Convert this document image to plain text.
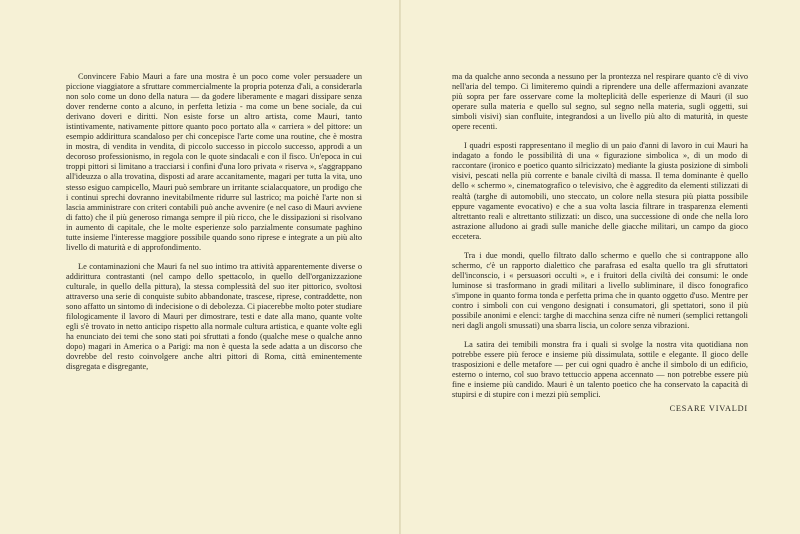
Convincere Fabio Mauri a fare una mostra è un poco come voler persuadere un piccione viaggiatore a sfruttare commercialmente la propria potenza d'ali, a considerarla non solo come un dono della natura — da godere liberamente e magari dissipare senza dover renderne conto a alcuno, in perfetta letizia - ma come un bene sociale, da cui derivano doveri e diritti. Non esiste forse un altro artista, come Mauri, tanto istintivamente, nativamente pittore quanto poco portato alla « carriera » del pittore: un esempio addirittura scandaloso per chi concepisce l'arte come una routine, che è mostra in mostra, di vendita in vendita, di piccolo successo in piccolo successo, approdi a un decoroso professionismo, in regola con le quote sindacali e con il fisco. Un'epoca in cui troppi pittori si limitano a tracciarsi i confini d'una loro privata « riserva », s'aggrappano all'ideuzza o alla trovatina, disposti ad arare accanitamente, magari per tutta la vita, uno stesso esiguo campicello, Mauri può sembrare un irritante scialacquatore, un prodigo che i continui sprechi dovranno inevitabilmente ridurre sul lastrico; ma poichè l'arte non si lascia amministrare con criteri contabili può anche avvenire (e nel caso di Mauri avviene di fatto) che il più generoso rimanga sempre il più ricco, che le dissipazioni si risolvano in aumento di capitale, che le molte esperienze solo parzialmente consumate paghino tutte insieme l'interesse maggiore possibile quando sono riprese e integrate a un più alto livello di maturità e di approfondimento.

Le contaminazioni che Mauri fa nel suo intimo tra attività apparentemente diverse o addirittura contrastanti (nel campo dello spettacolo, in quello dell'organizzazione culturale, in quello della pittura), la stessa complessità del suo iter pittorico, svoltosi attraverso una serie di conquiste subito abbandonate, trascese, riprese, contraddette, non sono affatto un sintomo di indecisione o di debolezza. Ci piacerebbe molto poter studiare filologicamente il lavoro di Mauri per dimostrare, testi e date alla mano, quante volte egli s'è trovato in netto anticipo rispetto alla normale cultura artistica, e quante volte egli ha enunciato dei temi che sono stati poi sfruttati a fondo (qualche mese o qualche anno dopo) magari in America o a Parigi: ma non è questa la sede adatta a un discorso che dovrebbe del resto coinvolgere anche altri pittori di Roma, città eminentemente disgregata e disgregante,

ma da qualche anno seconda a nessuno per la prontezza nel respirare quanto c'è di vivo nell'aria del tempo. Ci limiteremo quindi a riprendere una delle affermazioni avanzate più sopra per fare osservare come la molteplicità delle esperienze di Mauri (il suo operare sulla materia e quello sul segno, sul segno nella materia, sugli oggetti, sui simboli visivi) sian confluite, integrandosi a un livello più alto di maturità, in queste opere recenti.

I quadri esposti rappresentano il meglio di un paio d'anni di lavoro in cui Mauri ha indagato a fondo le possibilità di una « figurazione simbolica », di un modo di raccontare (ironico e poetico quanto silricizzato) mediante la giusta posizione di simboli visivi, pescati nella più corrente e banale civiltà di massa. Il tema dominante è quello dello « schermo », cinematografico o televisivo, che è aggredito da elementi stilizzati di realtà (targhe di automobili, uno steccato, un colore nella stesura più piatta possibile eppure vagamente evocativo) e che a sua volta lascia filtrare in trasparenza elementi altrettanto reali e altrettanto stilizzati: un disco, una successione di onde che nella loro astrazione alludono ai gradi sulle maniche delle giacche militari, un campo da gioco eccetera.

Tra i due mondi, quello filtrato dallo schermo e quello che si contrappone allo schermo, c'è un rapporto dialettico che parafrasa ed esalta quello tra gli sfruttatori dell'inconscio, i « persuasori occulti », e i fruitori della civiltà dei consumi: le onde luminose si trasformano in gradi militari a livello subliminare, il disco fonografico s'impone in quanto forma tonda e perfetta prima che in quanto oggetto d'uso. Mentre per contro i simboli con cui vengono designati i consumatori, gli spettatori, sono il più possibile anonimi e elenci: targhe di macchina senza cifre nè numeri (semplici rettangoli neri dagli angoli smussati) una sbarra liscia, un colore senza vibrazioni.

La satira dei temibili monstra fra i quali si svolge la nostra vita quotidiana non potrebbe essere più feroce e insieme più dissimulata, sottile e elegante. Il gioco delle trasposizioni e delle metafore — per cui ogni quadro è anche il simbolo di un edificio, esterno o interno, col suo bravo tettuccio appena accennato — non potrebbe essere più fine e insieme più candido. Mauri è un talento poetico che ha conservato la capacità di stupirsi e di stupire con i mezzi più semplici.

CESARE VIVALDI
